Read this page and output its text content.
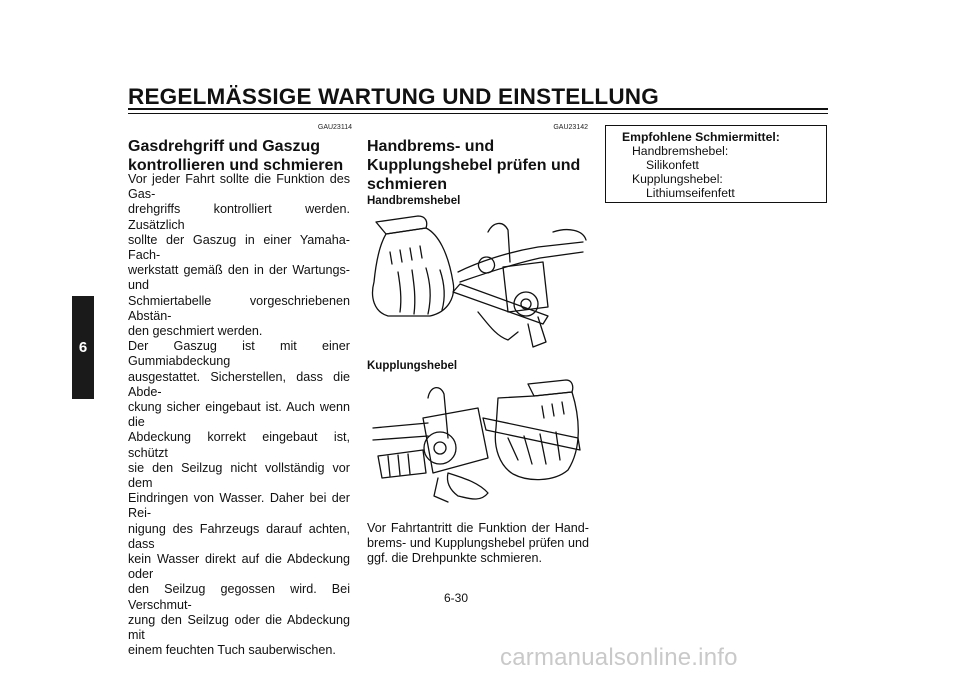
REGELMÄSSIGE WARTUNG UND EINSTELLUNG
6
GAU23114
Gasdrehgriff und Gaszug
kontrollieren und schmieren
Vor jeder Fahrt sollte die Funktion des Gas-
drehgriffs kontrolliert werden. Zusätzlich
sollte der Gaszug in einer Yamaha-Fach-
werkstatt gemäß den in der Wartungs- und
Schmiertabelle vorgeschriebenen Abstän-
den geschmiert werden.
Der Gaszug ist mit einer Gummiabdeckung
ausgestattet. Sicherstellen, dass die Abde-
ckung sicher eingebaut ist. Auch wenn die
Abdeckung korrekt eingebaut ist, schützt
sie den Seilzug nicht vollständig vor dem
Eindringen von Wasser. Daher bei der Rei-
nigung des Fahrzeugs darauf achten, dass
kein Wasser direkt auf die Abdeckung oder
den Seilzug gegossen wird. Bei Verschmut-
zung den Seilzug oder die Abdeckung mit
einem feuchten Tuch sauberwischen.
GAU23142
Handbrems- und
Kupplungshebel prüfen und
schmieren
Handbremshebel
Kupplungshebel
Vor Fahrtantritt die Funktion der Hand-
brems- und Kupplungshebel prüfen und
ggf. die Drehpunkte schmieren.
Empfohlene Schmiermittel:
Handbremshebel:
Silikonfett
Kupplungshebel:
Lithiumseifenfett
6-30
carmanualsonline.info
